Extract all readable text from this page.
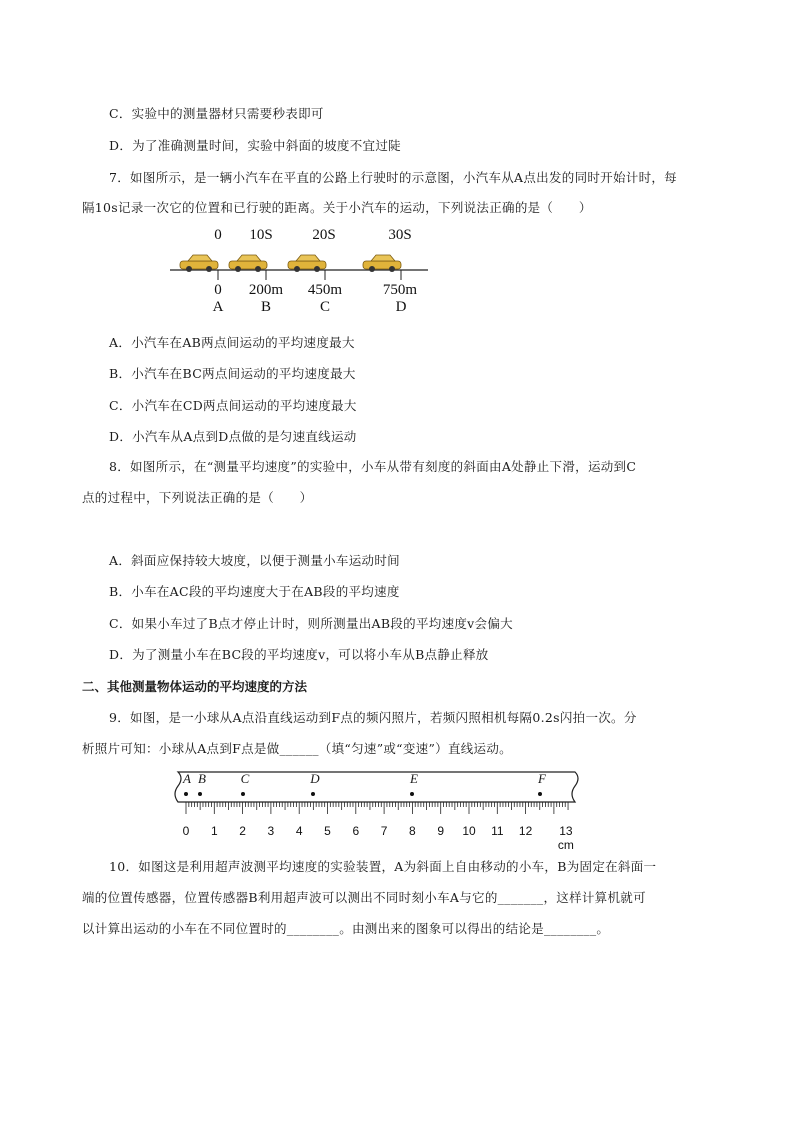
C．实验中的测量器材只需要秒表即可
D．为了准确测量时间，实验中斜面的坡度不宜过陡
7．如图所示，是一辆小汽车在平直的公路上行驶时的示意图，小汽车从A点出发的同时开始计时，每
隔10s记录一次它的位置和已行驶的距离。关于小汽车的运动，下列说法正确的是（　　）
0	10S	20S	30S
0	200m	450m	750m
A	B	C	D
A．小汽车在AB两点间运动的平均速度最大
B．小汽车在BC两点间运动的平均速度最大
C．小汽车在CD两点间运动的平均速度最大
D．小汽车从A点到D点做的是匀速直线运动
8．如图所示，在“测量平均速度”的实验中，小车从带有刻度的斜面由A处静止下滑，运动到C
点的过程中，下列说法正确的是（　　）
A．斜面应保持较大坡度，以便于测量小车运动时间
B．小车在AC段的平均速度大于在AB段的平均速度
C．如果小车过了B点才停止计时，则所测量出AB段的平均速度v会偏大
D．为了测量小车在BC段的平均速度v，可以将小车从B点静止释放
二、其他测量物体运动的平均速度的方法
9．如图，是一小球从A点沿直线运动到F点的频闪照片，若频闪照相机每隔0.2s闪拍一次。分
析照片可知：小球从A点到F点是做______（填“匀速”或“变速”）直线运动。
A B	C	D	E	F
0 1 2 3 4 5 6 7 8 9 10 11 12	13 cm
10．如图这是利用超声波测平均速度的实验装置，A为斜面上自由移动的小车，B为固定在斜面一
端的位置传感器，位置传感器B利用超声波可以测出不同时刻小车A与它的_______，这样计算机就可
以计算出运动的小车在不同位置时的________。由测出来的图象可以得出的结论是________。
